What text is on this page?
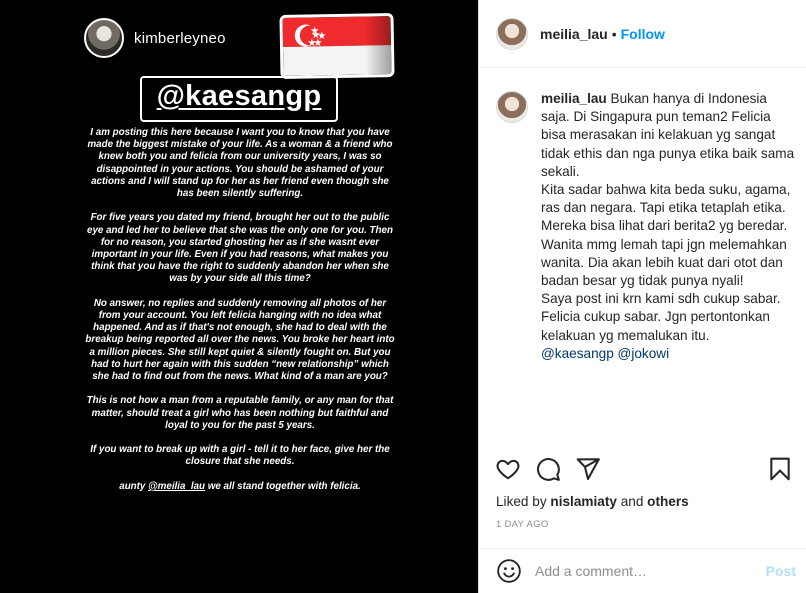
kimberleyneo
@kaesangp

I am posting this here because I want you to know that you have made the biggest mistake of your life. As a woman & a friend who knew both you and felicia from our university years, I was so disappointed in your actions. You should be ashamed of your actions and I will stand up for her as her friend even though she has been silently suffering.

For five years you dated my friend, brought her out to the public eye and led her to believe that she was the only one for you. Then for no reason, you started ghosting her as if she wasnt ever important in your life. Even if you had reasons, what makes you think that you have the right to suddenly abandon her when she was by your side all this time?

No answer, no replies and suddenly removing all photos of her from your account. You left felicia hanging with no idea what happened. And as if that's not enough, she had to deal with the breakup being reported all over the news. You broke her heart into a million pieces. She still kept quiet & silently fought on. But you had to hurt her again with this sudden “new relationship” which she had to find out from the news. What kind of a man are you?

This is not how a man from a reputable family, or any man for that matter, should treat a girl who has been nothing but faithful and loyal to you for the past 5 years.

If you want to break up with a girl - tell it to her face, give her the closure that she needs.

aunty @meilia_lau we all stand together with felicia.

meilia_lau • Follow
meilia_lau Bukan hanya di Indonesia saja. Di Singapura pun teman2 Felicia bisa merasakan ini kelakuan yg sangat tidak ethis dan nga punya etika baik sama sekali.
Kita sadar bahwa kita beda suku, agama, ras dan negara. Tapi etika tetaplah etika.
Mereka bisa lihat dari berita2 yg beredar.
Wanita mmg lemah tapi jgn melemahkan wanita. Dia akan lebih kuat dari otot dan badan besar yg tidak punya nyali!
Saya post ini krn kami sdh cukup sabar. Felicia cukup sabar. Jgn pertontonkan kelakuan yg memalukan itu.
@kaesangp @jokowi
Liked by nislamiaty and others
1 DAY AGO
Add a comment…
Post
